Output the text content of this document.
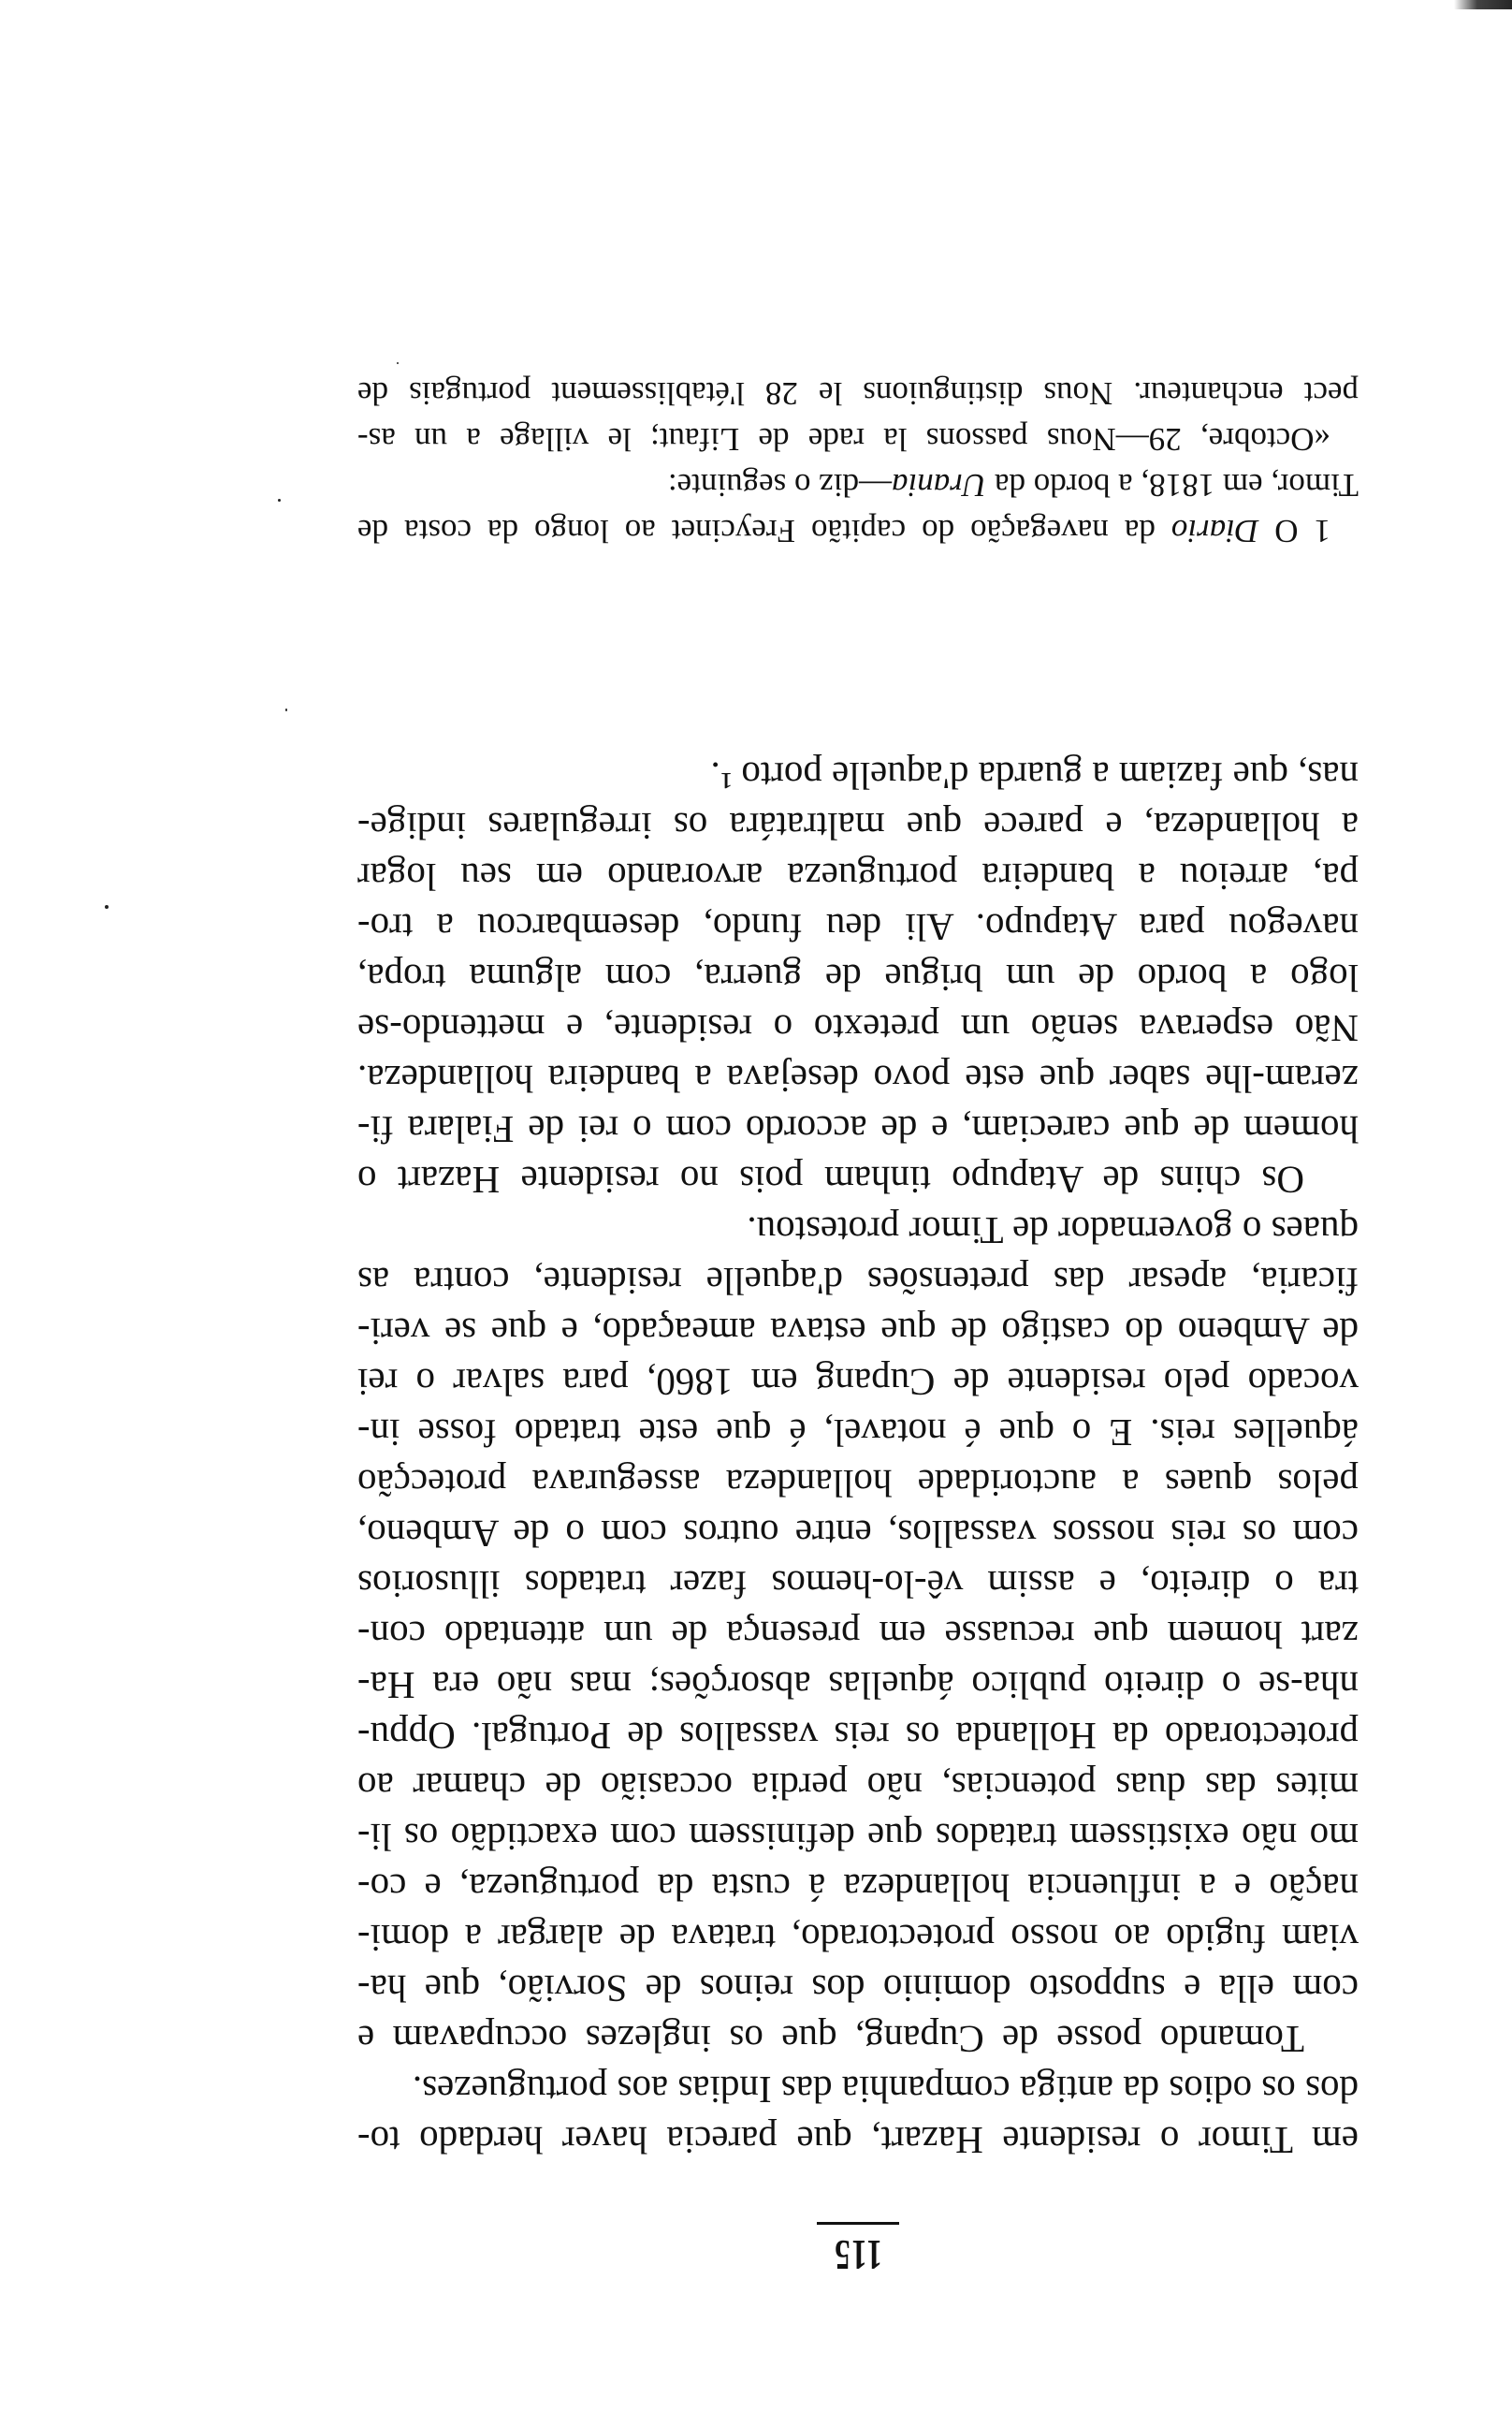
115
em Timor o residente Hazart, que parecia haver herdado to-
dos os odios da antiga companhia das Indias aos portuguezes.
Tomando posse de Cupang, que os inglezes occupavam e
com ella e supposto dominio dos reinos de Sorvião, que ha-
viam fugido ao nosso protectorado, tratava de alargar a domi-
nação e a influencia hollandeza á custa da portugueza, e co-
mo não existissem tratados que definissem com exactidão os li-
mites das duas potencias, não perdia occasião de chamar ao
protectorado da Hollanda os reis vassallos de Portugal. Oppu-
nha-se o direito publico áquellas absorções; mas não era Ha-
zart homem que recuasse em presença de um attentado con-
tra o direito, e assim vê-lo-hemos fazer tratados illusorios
com os reis nossos vassallos, entre outros com o de Ambeno,
pelos quaes a auctoridade hollandeza assegurava protecção
áquelles reis. E o que é notavel, é que este tratado fosse in-
vocado pelo residente de Cupang em 1860, para salvar o rei
de Ambeno do castigo de que estava ameaçado, e que se veri-
ficaria, apesar das pretensões d'aquelle residente, contra as
quaes o governador de Timor protestou.
Os chins de Atapupo tinham pois no residente Hazart o
homem de que careciam, e de accordo com o rei de Fialara fi-
zeram-lhe saber que este povo desejava a bandeira hollandeza.
Não esperava senão um pretexto o residente, e mettendo-se
logo a bordo de um brigue de guerra, com alguma tropa,
navegou para Atapupo. Ali deu fundo, desembarcou a tro-
pa, arreiou a bandeira portugueza arvorando em seu logar
a hollandeza, e parece que maltratára os irregulares indige-
nas, que faziam a guarda d'aquelle porto ¹.
1 O Diario da navegação do capitão Freycinet ao longo da costa de
Timor, em 1818, a bordo da Urania—diz o seguinte:
«Octobre, 29—Nous passons la rade de Lifaut; le village a un as-
pect enchanteur. Nous distinguions le 28 l'établissement portugais de
